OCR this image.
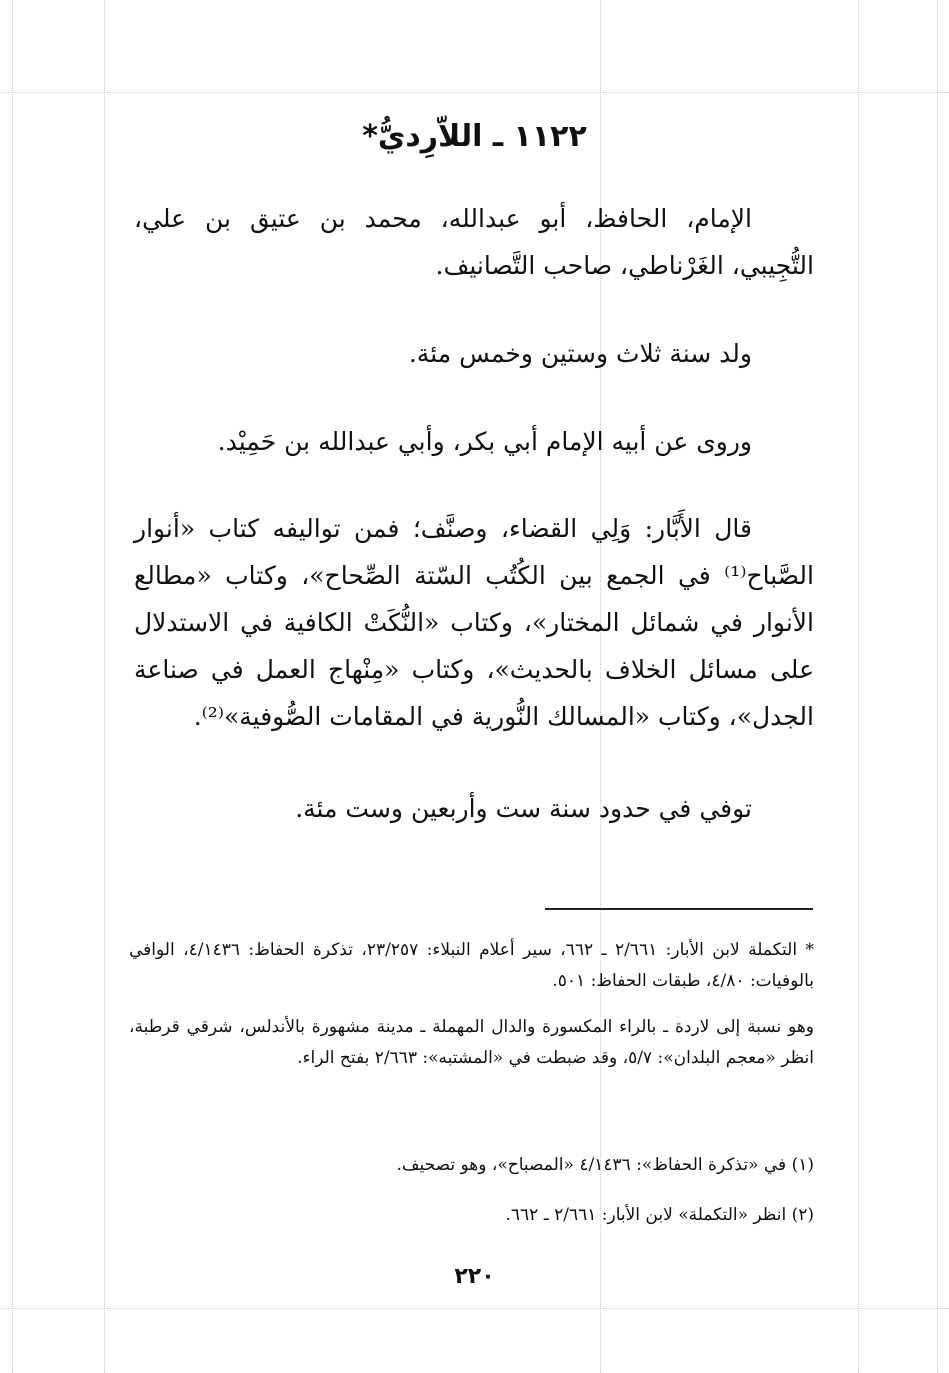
١١٢٢ ـ اللاّرِديُّ*
الإمام، الحافظ، أبو عبدالله، محمد بن عتيق بن علي، التُّجِيبي، الغَرْناطي، صاحب التَّصانيف.
ولد سنة ثلاث وستين وخمس مئة.
وروى عن أبيه الإمام أبي بكر، وأبي عبدالله بن حَمِيْد.
قال الأَبَّار: وَلِي القضاء، وصنَّف؛ فمن تواليفه كتاب «أنوار الصَّباح⁽¹⁾ في الجمع بين الكُتُب السّتة الصِّحاح»، وكتاب «مطالع الأنوار في شمائل المختار»، وكتاب «النُّكَتْ الكافية في الاستدلال على مسائل الخلاف بالحديث»، وكتاب «مِنْهاج العمل في صناعة الجدل»، وكتاب «المسالك النُّورية في المقامات الصُّوفية»⁽²⁾.
توفي في حدود سنة ست وأربعين وست مئة.
* التكملة لابن الأبار: ٢/٦٦١ ـ ٦٦٢، سير أعلام النبلاء: ٢٣/٢٥٧، تذكرة الحفاظ: ٤/١٤٣٦، الوافي بالوفيات: ٤/٨٠، طبقات الحفاظ: ٥٠١.
وهو نسبة إلى لاردة ـ بالراء المكسورة والدال المهملة ـ مدينة مشهورة بالأندلس، شرقي قرطبة، انظر «معجم البلدان»: ٥/٧، وقد ضبطت في «المشتبه»: ٢/٦٦٣ بفتح الراء.
(١) في «تذكرة الحفاظ»: ٤/١٤٣٦ «المصباح»، وهو تصحيف.
(٢) انظر «التكملة» لابن الأبار: ٢/٦٦١ ـ ٦٦٢.
٢٢٠
